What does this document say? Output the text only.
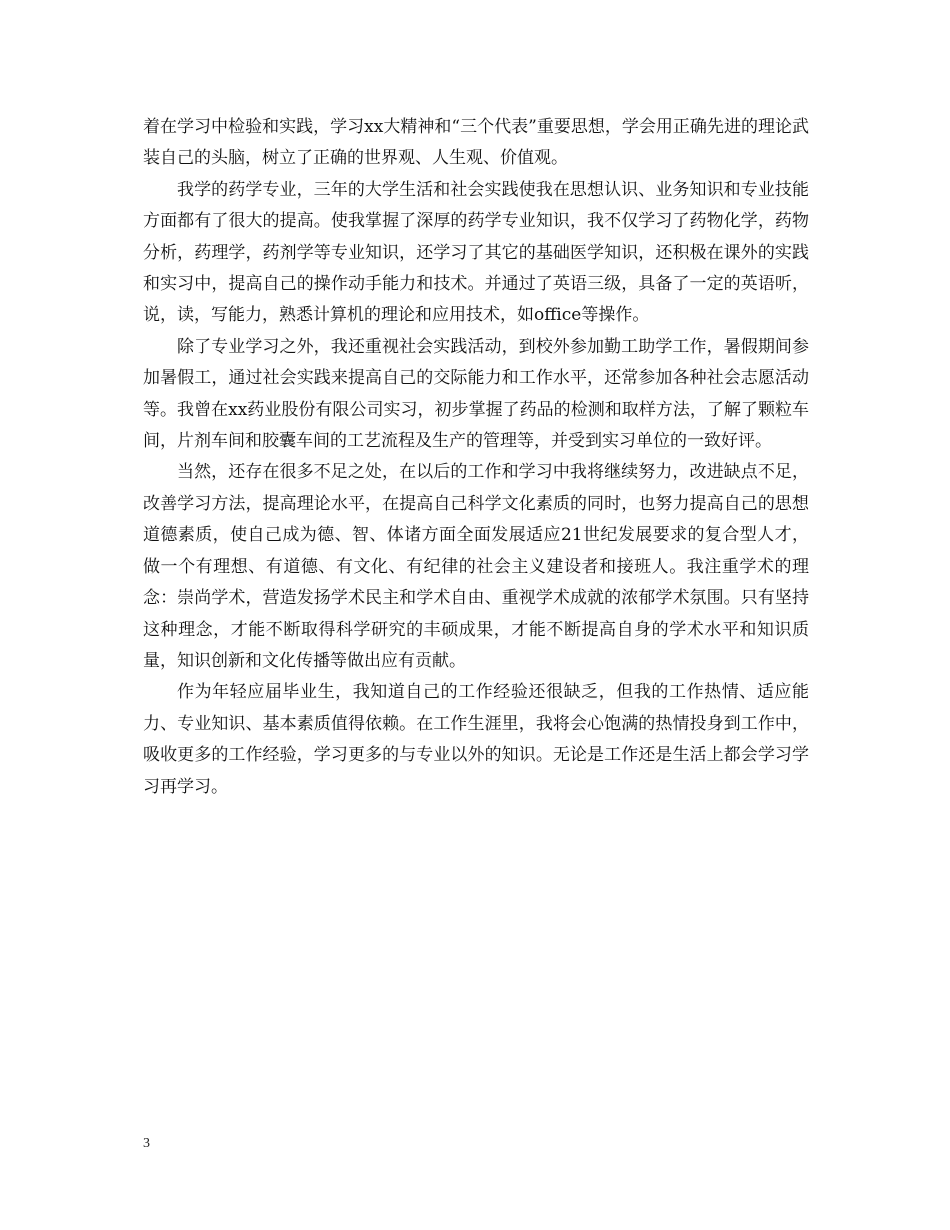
着在学习中检验和实践，学习xx大精神和“三个代表”重要思想，学会用正确先进的理论武装自己的头脑，树立了正确的世界观、人生观、价值观。

我学的药学专业，三年的大学生活和社会实践使我在思想认识、业务知识和专业技能方面都有了很大的提高。使我掌握了深厚的药学专业知识，我不仅学习了药物化学，药物分析，药理学，药剂学等专业知识，还学习了其它的基础医学知识，还积极在课外的实践和实习中，提高自己的操作动手能力和技术。并通过了英语三级，具备了一定的英语听，说，读，写能力，熟悉计算机的理论和应用技术，如office等操作。

除了专业学习之外，我还重视社会实践活动，到校外参加勤工助学工作，暑假期间参加暑假工，通过社会实践来提高自己的交际能力和工作水平，还常参加各种社会志愿活动等。我曾在xx药业股份有限公司实习，初步掌握了药品的检测和取样方法，了解了颗粒车间，片剂车间和胶囊车间的工艺流程及生产的管理等，并受到实习单位的一致好评。

当然，还存在很多不足之处，在以后的工作和学习中我将继续努力，改进缺点不足，改善学习方法，提高理论水平，在提高自己科学文化素质的同时，也努力提高自己的思想道德素质，使自己成为德、智、体诸方面全面发展适应21世纪发展要求的复合型人才，做一个有理想、有道德、有文化、有纪律的社会主义建设者和接班人。我注重学术的理念：崇尚学术，营造发扬学术民主和学术自由、重视学术成就的浓郁学术氛围。只有坚持这种理念，才能不断取得科学研究的丰硕成果，才能不断提高自身的学术水平和知识质量，知识创新和文化传播等做出应有贡献。

作为年轻应届毕业生，我知道自己的工作经验还很缺乏，但我的工作热情、适应能力、专业知识、基本素质值得依赖。在工作生涯里，我将会心饱满的热情投身到工作中，吸收更多的工作经验，学习更多的与专业以外的知识。无论是工作还是生活上都会学习学习再学习。

3
